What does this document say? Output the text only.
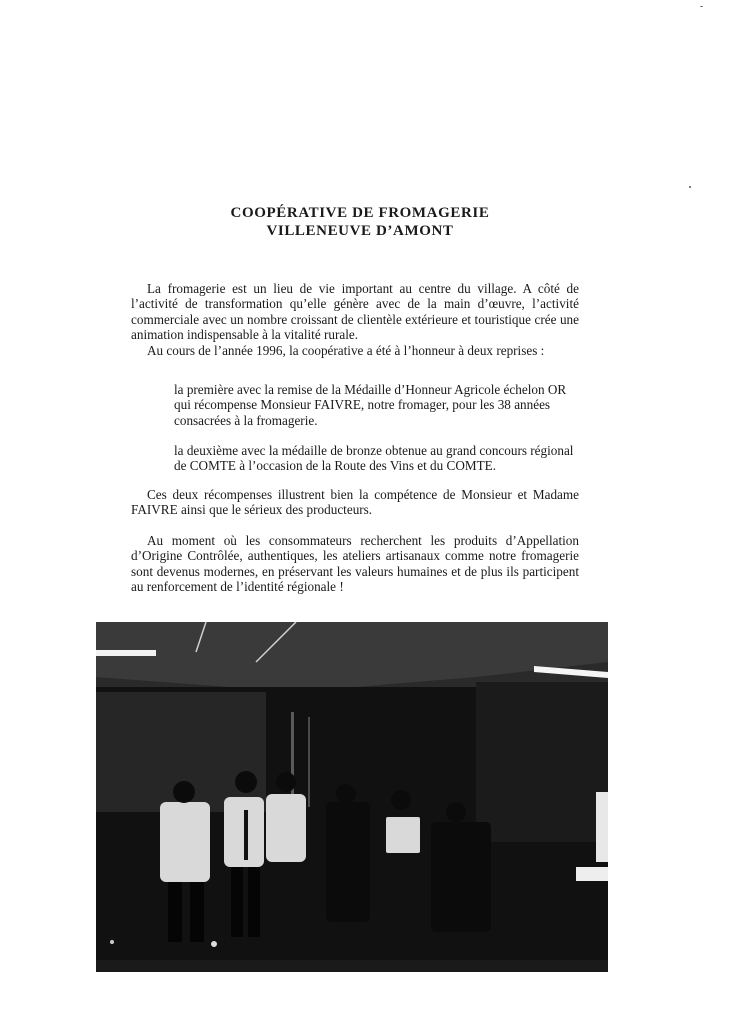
COOPÉRATIVE DE FROMAGERIE
VILLENEUVE D’AMONT

La fromagerie est un lieu de vie important au centre du village. A côté de l’activité de transformation qu’elle génère avec de la main d’œuvre, l’activité commerciale avec un nombre croissant de clientèle extérieure et touristique crée une animation indispensable à la vitalité rurale.

Au cours de l’année 1996, la coopérative a été à l’honneur à deux reprises :

la première avec la remise de la Médaille d’Honneur Agricole échelon OR qui récompense Monsieur FAIVRE, notre fromager, pour les 38 années consacrées à la fromagerie.

la deuxième avec la médaille de bronze obtenue au grand concours régional de COMTE à l’occasion de la Route des Vins et du COMTE.

Ces deux récompenses illustrent bien la compétence de Monsieur et Madame FAIVRE ainsi que le sérieux des producteurs.

Au moment où les consommateurs recherchent les produits d’Appellation d’Origine Contrôlée, authentiques, les ateliers artisanaux comme notre fromagerie sont devenus modernes, en préservant les valeurs humaines et de plus ils participent au renforcement de l’identité régionale !
